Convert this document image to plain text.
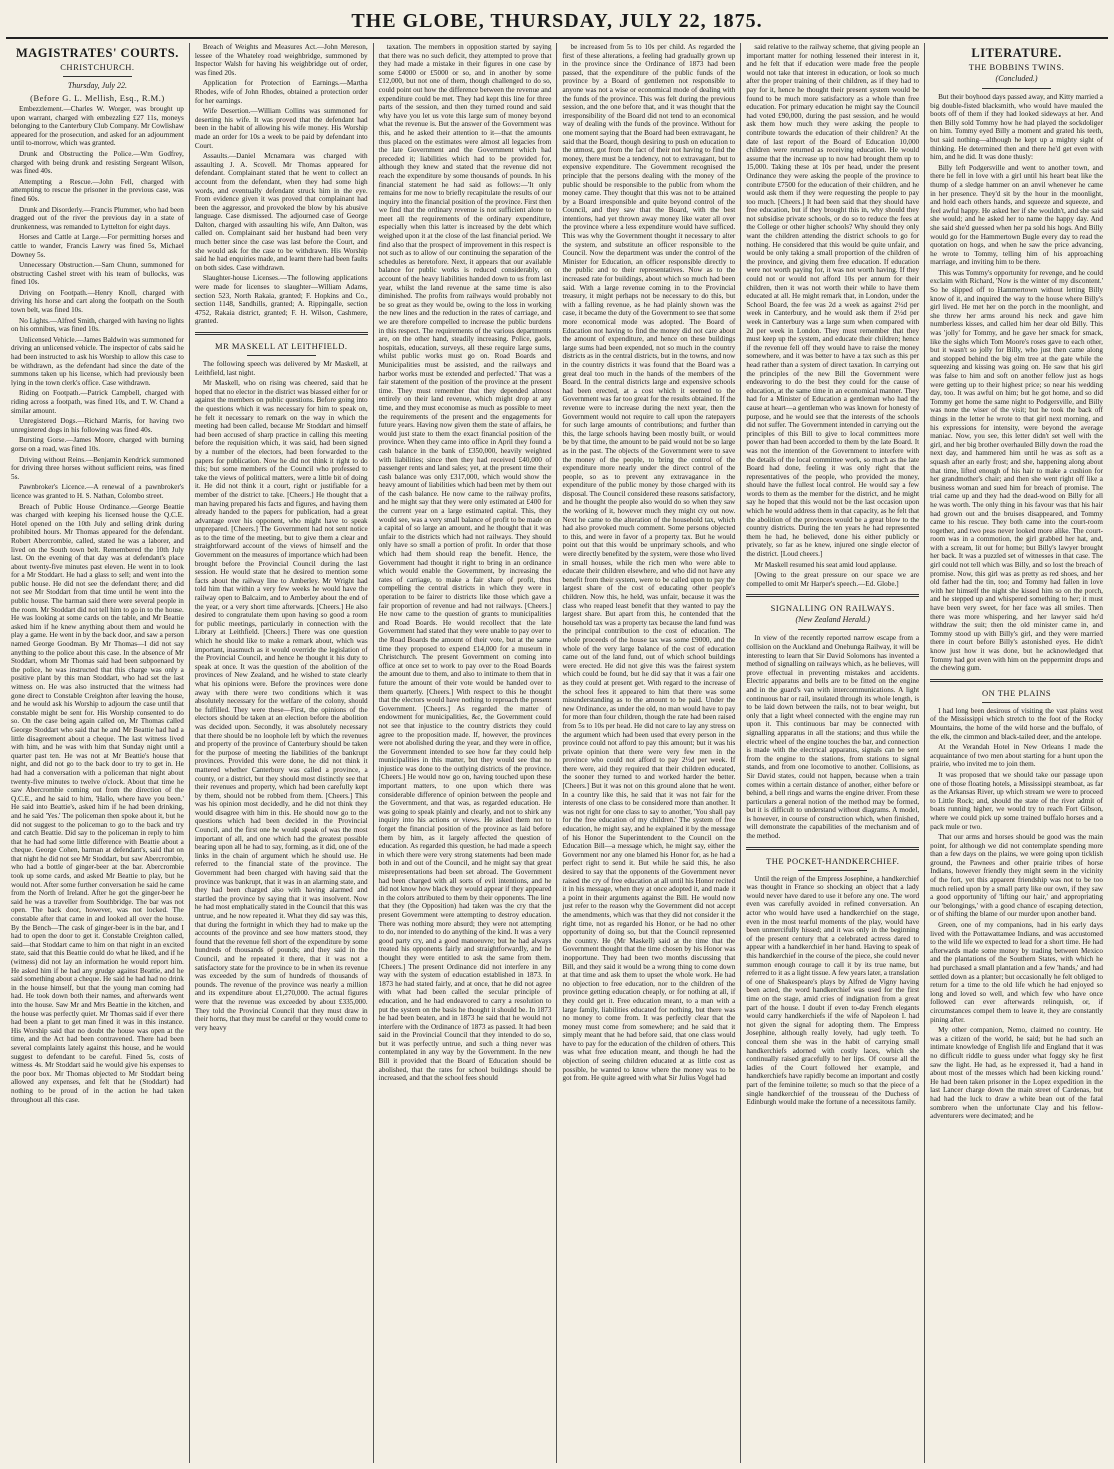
THE GLOBE, THURSDAY, JULY 22, 1875.
MAGISTRATES' COURTS.
CHRISTCHURCH.
Thursday, July 22.
(Before G. L. Mellish, Esq., R.M.)

Embezzlement.—Charles W. Worger, was brought up upon warrant, charged with embezzling £27 11s, moneys belonging to the Canterbury Club Company. Mr Cowlishaw appeared for the prosecution, and asked for an adjournment until to-morrow, which was granted.

Drunk and Obstructing the Police.—Wm Godfrey, charged with being drunk and resisting Sergeant Wilson, was fined 40s.

Attempting a Rescue.—John Fell, charged with attempting to rescue the prisoner in the previous case, was fined 60s.

Drunk and Disorderly.—Francis Plummer, who had been dragged out of the river the previous day in a state of drunkenness, was remanded to Lyttelton for eight days.

Horses and Cattle at Large.—For permitting horses and cattle to wander, Francis Lawry was fined 5s, Michael Downey 5s.

Unnecessary Obstruction.—Sam Chunn, summoned for obstructing Cashel street with his team of bullocks, was fined 10s.

Driving on Footpath.—Henry Knoll, charged with driving his horse and cart along the footpath on the South town belt, was fined 10s.

No Lights.—Alfred Smith, charged with having no lights on his omnibus, was fined 10s.

Unlicensed Vehicle.—James Baldwin was summoned for driving an unlicensed vehicle. The inspector of cabs said he had been instructed to ask his Worship to allow this case to be withdrawn, as the defendant had since the date of the summons taken up his license, which had previously been lying in the town clerk's office. Case withdrawn.

Riding on Footpath.—Patrick Campbell, charged with riding across a footpath, was fined 10s, and T. W. Chand a similar amount.

Unregistered Dogs.—Richard Marris, for having two unregistered dogs in his following was fined 40s.

Bursting Gorse.—James Moore, charged with burning gorse on a road, was fined 10s.

Driving without Reins.—Benjamin Kendrick summoned for driving three horses without sufficient reins, was fined 5s.

Pawnbroker's Licence.—A renewal of a pawnbroker's licence was granted to H. S. Nathan, Colombo street.

Breach of Public House Ordinance.—George Beattie was charged with keeping his licensed house the Q.C.E. Hotel opened on the 10th July and selling drink during prohibited hours. Mr Thomas appeared for the defendant. Robert Abercrombie, called, stated he was a laborer, and lived on the South town belt. Remembered the 10th July last. On the evening of that day was at defendant's place about twenty-five minutes past eleven. He went in to look for a Mr Stoddart. He had a glass to sell; and went into the public house. He did not see the defendant there; and did not see Mr Stoddart from that time until he went into the public house. The barman said there were several people in the room. Mr Stoddart did not tell him to go in to the house. He was looking at some cards on the table, and Mr Beattie asked him if he knew anything about them and would he play a game. He went in by the back door, and saw a person named George Goodman. By Mr Thomas—I did not say anything to the police about this case. In the absence of Mr Stoddart, whom Mr Thomas said had been subpoenaed by the police, he was instructed that this charge was only a positive plant by this man Stoddart, who had set the last witness on. He was also instructed that the witness had gone direct to Constable Creighton after leaving the house, and he would ask his Worship to adjourn the case until that constable might be sent for. His Worship consented to do so. On the case being again called on, Mr Thomas called George Stoddart who said that he and Mr Beattie had had a little disagreement about a cheque. The last witness lived with him, and he was with him that Sunday night until a quarter past ten. He was not at Mr Beattie's house that night, and did not go to the back door to try to get in. He had had a conversation with a policeman that night about twenty-five minutes to twelve o'clock. About that time he saw Abercrombie coming out from the direction of the Q.C.E., and he said to him, 'Hallo, where have you been.' He said into Beattie's, asked him if he had been drinking, and he said 'Yes.' The policeman then spoke about it, but he did not suggest to the policeman to go to the back and try and catch Beattie. Did say to the policeman in reply to him that he had had some little difference with Beattie about a cheque. George Cohen, barman at defendant's, said that on that night he did not see Mr Stoddart, but saw Abercrombie, who had a bottle of ginger-beer at the bar. Abercrombie took up some cards, and asked Mr Beattie to play, but he would not. After some further conversation he said he came from the North of Ireland. After he got the ginger-beer he said he was a traveller from Southbridge. The bar was not open. The back door, however, was not locked. The constable after that came in and looked all over the house. By the Bench—The cask of ginger-beer is in the bar, and I had to open the door to get it. Constable Creighton called, said—that Stoddart came to him on that night in an excited state, said that this Beattie could do what he liked, and if he (witness) did not lay an information he would report him. He asked him if he had any grudge against Beattie, and he said something about a cheque. He said he had had no drink in the house himself, but that the young man coming had had. He took down both their names, and afterwards went into the house. Saw Mr and Mrs Beattie in the kitchen, and the house was perfectly quiet. Mr Thomas said if ever there had been a plant to get man fined it was in this instance. His Worship said that no doubt the house was open at the time, and the Act had been contravened. There had been several complaints lately against this house, and he would suggest to defendant to be careful. Fined 5s, costs of witness 4s. Mr Stoddart said he would give his expenses to the poor box. Mr Thomas objected to Mr Stoddart being allowed any expenses, and felt that he (Stoddart) had nothing to be proud of in the action he had taken throughout all this case.

Breach of Weights and Measures Act.—John Mereson, lessee of the Whateley road weighbridge, summoned by Inspector Walsh for having his weighbridge out of order, was fined 20s.

Application for Protection of Earnings.—Martha Rhodes, wife of John Rhodes, obtained a protection order for her earnings.

Wife Desertion.—William Collins was summoned for deserting his wife. It was proved that the defendant had been in the habit of allowing his wife money. His Worship made an order for 10s a week to be paid by defendant into Court.

Assaults.—Daniel Mcnamara was charged with assaulting J. A. Scovell. Mr Thomas appeared for defendant. Complainant stated that he went to collect an account from the defendant, when they had some high words, and eventually defendant struck him in the eye. From evidence given it was proved that complainant had been the aggressor, and provoked the blow by his abusive language. Case dismissed. The adjourned case of George Dalton, charged with assaulting his wife, Ann Dalton, was called on. Complainant said her husband had been very much better since the case was last before the Court, and she would ask for the case to be withdrawn. His Worship said he had enquiries made, and learnt there had been faults on both sides. Case withdrawn.

Slaughter-house Licenses.—The following applications were made for licenses to slaughter—William Adams, section 523, North Rakaia, granted; F. Hopkins and Co., section 1148, Sandhills, granted; A. Rippingalle, section 4752, Rakaia district, granted; F. H. Wilson, Cashmere, granted.

MR MASKELL AT LEITHFIELD.

The following speech was delivered by Mr Maskell, at Leithfield, last night.

Mr Maskell, who on rising was cheered, said that he hoped that no elector in the district was biassed either for or against the members on public questions. Before going into the questions which it was necessary for him to speak on, he felt it necessary to remark on the way in which the meeting had been called, because Mr Stoddart and himself had been accused of sharp practice in calling this meeting before the requisition which, it was said, had been signed by a number of the electors, had been forwarded to the papers for publication. Now he did not think it right to do this; but some members of the Council who professed to take the views of political matters, were a little bit of doing it. He did not think it a court, right or justifiable for a member of the district to take. [Cheers.] He thought that a man having prepared his facts and figures, and having them already handed to the papers for publication, had a great advantage over his opponent, who might have to speak unprepared. [Cheers.] The Government had not sent notice as to the time of the meeting, but to give them a clear and straightforward account of the views of himself and the Government on the measures of importance which had been brought before the Provincial Council during the last session. He would state that he desired to mention some facts about the railway line to Amberley. Mr Wright had told him that within a very few weeks he would have the railway open to Balcairn, and to Amberley about the end of the year, or a very short time afterwards. [Cheers.] He also desired to congratulate them upon having so good a room for public meetings, particularly in connection with the Library at Leithfield. [Cheers.] There was one question which he should like to make a remark about, which was important, inasmuch as it would override the legislation of the Provincial Council, and hence he thought it his duty to speak at once. It was the question of the abolition of the provinces of New Zealand, and he wished to state clearly what his opinions were. Before the provinces were done away with there were two conditions which it was absolutely necessary for the welfare of the colony, should be fulfilled. They were these—First, the opinions of the electors should be taken at an election before the abolition was decided upon. Secondly, it was absolutely necessary that there should be no loophole left by which the revenues and property of the province of Canterbury should be taken for the purpose of meeting the liabilities of the bankrupt provinces. Provided this were done, he did not think it mattered whether Canterbury was called a province, a county, or a district, but they should most distinctly see that their revenues and property, which had been carefully kept by them, should not be robbed from them. [Cheers.] This was his opinion most decidedly, and he did not think they would disagree with him in this. He should now go to the questions which had been decided in the Provincial Council, and the first one he would speak of was the most important of all, and one which had the greatest possible bearing upon all he had to say, forming, as it did, one of the links in the chain of argument which he should use. He referred to the financial state of the province. The Government had been charged with having said that the province was bankrupt, that it was in an alarming state, and they had been charged also with having alarmed and startled the province by saying that it was insolvent. Now he had most emphatically stated in the Council that this was untrue, and he now repeated it. What they did say was this, that during the fortnight in which they had to make up the accounts of the province and see how matters stood, they found that the revenue fell short of the expenditure by some hundreds of thousands of pounds; and they said in the Council, and he repeated it there, that it was not a satisfactory state for the province to be in when its revenue was exceeded by the sum of hundreds of thousands of pounds. The revenue of the province was nearly a million and its expenditure about £1,270,000. The actual figures were that the revenue was exceeded by about £335,000. They told the Provincial Council that they must draw in their horns, that they must be careful or they would come to very heavy

taxation. The members in opposition started by saying that there was no such deficit, they attempted to prove that they had made a mistake in their figures in one case by some £4000 or £5000 or so, and in another by some £12,000, but not one of them, though challenged to do so, could point out how the difference between the revenue and expenditure could be met. They had kept this line for three parts of the session, and then they turned round and said why have you let us vote this large sum of money beyond what the revenue is. But the answer of the Government was this, and he asked their attention to it—that the amounts thus placed on the estimates were almost all legacies from the late Government and the Government which had preceded it; liabilities which had to be provided for, although they knew and stated that the revenue did not reach the expenditure by some thousands of pounds. In his financial statement he had said as follows:—'It only remains for me now to briefly recapitulate the results of our inquiry into the financial position of the province. First then we find that the ordinary revenue is not sufficient alone to meet all the requirements of the ordinary expenditure, especially when this latter is increased by the debt which weighed upon it at the close of the last financial period. We find also that the prospect of improvement in this respect is not such as to allow of our continuing the separation of the schedules as heretofore. Next, it appears that our available balance for public works is reduced considerably, on account of the heavy liabilities handed down to us from last year, whilst the land revenue at the same time is also diminished. The profits from railways would probably not be so great as they would be, owing to the loss in working the new lines and the reduction in the rates of carriage, and we are therefore compelled to increase the public burdens in this respect. The requirements of the various departments are, on the other hand, steadily increasing. Police, gaols, hospitals, education, surveys, all these require large sums, whilst public works must go on. Road Boards and Municipalities must be assisted, and the railways and harbor works must be extended and perfected.' That was a fair statement of the position of the province at the present time. They must remember that they depended almost entirely on their land revenue, which might drop at any time, and they must economise as much as possible to meet the requirements of the present and the engagements for future years. Having now given them the state of affairs, he would just state to them the exact financial position of the province. When they came into office in April they found a cash balance in the bank of £350,000, heavily weighted with liabilities; since then they had received £40,000 of passenger rents and land sales; yet, at the present time their cash balance was only £317,000, which would show the heavy amount of liabilities which had been met by them out of the cash balance. He now came to the railway profits, and he might say that they were only estimated at £400 for the current year on a large estimated capital. This, they would see, was a very small balance of profit to be made on a capital of so large an amount, and he thought that it was unfair to the districts which had not railways. They should only have so small a portion of profit. In order that those which had them should reap the benefit. Hence, the Government had thought it right to bring in an ordinance which would enable the Government, by increasing the rates of carriage, to make a fair share of profit, thus compelling the central districts in which they were in operation to be fairer to districts like those which gave a fair proportion of revenue and had not railways. [Cheers.] He now came to the question of grants to municipalities and Road Boards. He would recollect that the late Government had stated that they were unable to pay over to the Road Boards the amount of their vote, but at the same time they proposed to expend £14,000 for a museum in Christchurch. The present Government on coming into office at once set to work to pay over to the Road Boards the amount due to them, and also to intimate to them that in future the amount of their vote would be handed over to them quarterly. [Cheers.] With respect to this he thought that the electors would have nothing to reproach the present Government. [Cheers.] As regarded the matter of endowment for municipalities, &c, the Government could not see that injustice to the country districts they could agree to the proposition made. If, however, the provinces were not abolished during the year, and they were in office, the Government intended to see how far they could help municipalities in this matter, but they would see that no injustice was done to the outlying districts of the province. [Cheers.] He would now go on, having touched upon these important matters, to one upon which there was considerable difference of opinion between the people and the Government, and that was, as regarded education. He was going to speak plainly and clearly, and not to shirk any inquiry into his actions or views. He asked them not to forget the financial position of the province as laid before them by him, as it largely affected the question of education. As regarded this question, he had made a speech in which there were very strong statements had been made both in and out of the Council, and he might say that great misrepresentations had been set abroad. The Government had been charged with all sorts of evil intentions, and he did not know how black they would appear if they appeared in the colors attributed to them by their opponents. The line that they (the Opposition) had taken was the cry that the present Government were attempting to destroy education. There was nothing more absurd; they were not attempting to do, nor intended to do anything of the kind. It was a very good party cry, and a good manoeuvre; but he had always treated his opponents fairly and straightforwardly, and he thought they were entitled to ask the same from them. [Cheers.] The present Ordinance did not interfere in any way with the system of education established in 1873. In 1873 he had stated fairly, and at once, that he did not agree with what had been called the secular principle of education, and he had endeavored to carry a resolution to put the system on the basis he thought it should be. In 1873 he had been beaten, and in 1873 he said that he would not interfere with the Ordinance of 1873 as passed. It had been said in the Provincial Council that they intended to do so, but it was perfectly untrue, and such a thing never was contemplated in any way by the Government. In the new Bill it provided that the Board of Education should be abolished, that the rates for school buildings should be increased, and that the school fees should

be increased from 5s to 10s per child. As regarded the first of these alterations, a feeling had gradually grown up in the province since the Ordinance of 1873 had been passed, that the expenditure of the public funds of the province by a Board of gentlemen not responsible to anyone was not a wise or economical mode of dealing with the funds of the province. This was felt during the previous session, and the one before that, and it was thought that the irresponsibility of the Board did not tend to an economical way of dealing with the funds of the province. Without for one moment saying that the Board had been extravagant, he said that the Board, though desiring to push on education to the utmost, got from the fact of their not having to find the money, there must be a tendency, not to extravagant, but to expensive expenditure. The Government recognised the principle that the persons dealing with the money of the public should be responsible to the public from whom the money came. They thought that this was not to be attained by a Board irresponsible and quite beyond control of the Council, and they saw that the Board, with the best intentions, had yet thrown away money like water all over the province where a less expenditure would have sufficed. This was why the Government thought it necessary to alter the system, and substitute an officer responsible to the Council. Now the department was under the control of the Minister for Education, an officer responsible directly to the public and to their representatives. Now as to the increased rate for buildings, about which so much had been said. With a large revenue coming in to the Provincial treasury, it might perhaps not be necessary to do this, but with a falling revenue, as he had plainly shown was the case, it became the duty of the Government to see that some more economical mode was adopted. The Board of Education not having to find the money did not care about the amount of expenditure, and hence on these buildings large sums had been expended, not so much in the country districts as in the central districts, but in the towns, and now in the country districts it was found that the Board was a great deal too much in the hands of the members of the Board. In the central districts large and expensive schools had been erected, at a cost which it seemed to the Government was far too great for the results obtained. If the revenue were to increase during the next year, then the Government would not require to call upon the ratepayers for such large amounts of contributions; and further than this, the large schools having been mostly built, or would be by that time, the amount to be paid would not be so large as in the past. The objects of the Government were to save the money of the people, to bring the control of the expenditure more nearly under the direct control of the people, so as to prevent any extravagance in the expenditure of the public money by those charged with its disposal. The Council considered these reasons satisfactory, and he thought the people also would do so when they saw the working of it, however much they might cry out now. Next he came to the alteration of the household tax, which had also provoked much comment. Some persons objected to this, and were in favor of a property tax. But he would point out that this would be unprimary schools, and who were directly benefited by the system, were those who lived in small houses, while the rich men who were able to educate their children elsewhere, and who did not have any benefit from their system, were to be called upon to pay the largest share of the cost of educating other people's children. Now this, he held, was unfair, because it was the class who reaped least benefit that they wanted to pay the largest share. But apart from this, he contended that the household tax was a property tax because the land fund was the principal contribution to the cost of education. The whole proceeds of the house tax was some £9000, and the whole of the very large balance of the cost of education came out of the land fund, out of which school buildings were erected. He did not give this was the fairest system which could be found, but he did say that it was a fair one as they could at present get. With regard to the increase of the school fees it appeared to him that there was some misunderstanding as to the amount to be paid. Under the new Ordinance, as under the old, no man would have to pay for more than four children, though the rate had been raised from 5s to 10s per head. He did not care to lay any stress on the argument which had been used that every person in the province could not afford to pay this amount; but it was his private opinion that there were very few men in the province who could not afford to pay 2½d per week. If there were, aid they required that their children educated, the sooner they turned to and worked harder the better. [Cheers.] But it was not on this ground alone that he went. In a country like this, he said that it was not fair for the interests of one class to be considered more than another. It was not right for one class to say to another, 'You shall pay for the free education of my children.' The system of free education, he might say, and he explained it by the message of his Honor the Superintendent to the Council on the Education Bill—a message which, he might say, either the Government nor any one blamed his Honor for, as he had a perfect right to send it. But while he said this, he also desired to say that the opponents of the Government never raised the cry of free education at all until his Honor recited it in his message, when they at once adopted it, and made it a point in their arguments against the Bill. He would now just refer to the reason why the Government did not accept the amendments, which was that they did not consider it the right time, not as regarded his Honor, or he had no other opportunity of doing so, but that the Council represented the country. He (Mr Maskell) said at the time that the Government thought that the time chosen by his Honor was inopportune. They had been two months discussing that Bill, and they said it would be a wrong thing to come down at that time and ask them to upset the whole work. He had no objection to free education, nor to the children of the province getting education cheaply, or for nothing at all, if they could get it. Free education meant, to a man with a large family, liabilities educated for nothing, but there was no money to come from. It was perfectly clear that the money must come from somewhere; and he said that it simply meant that he had before said, that one class would have to pay for the education of the children of others. This was what free education meant, and though he had the objection of seeing children educated at as little cost as possible, he wanted to know where the money was to be got from. He quite agreed with what Sir Julius Vogel had

said relative to the railway scheme, that giving people an important matter for nothing lessened their interest in it, and he felt that if education were made free the people would not take that interest in education, or look so much after the proper training of their children, as if they had to pay for it, hence he thought their present system would be found to be much more satisfactory as a whole than free education. For primary education he might say the Council had voted £90,000, during the past session, and he would ask them how much they were asking the people to contribute towards the education of their children? At the date of last report of the Board of Education 10,000 children were returned as receiving education. He would assume that the increase up to now had brought them up to 15,000. Taking these at 10s per head, under the present Ordinance they were asking the people of the province to contribute £7500 for the education of their children, and he would ask them if they were requesting the people to pay too much. [Cheers.] It had been said that they should have free education, but if they brought this in, why should they not subsidise private schools, or do so to reduce the fees at the College or other higher schools? Why should they only want the children attending the district schools to go for nothing. He considered that this would be quite unfair, and would be only taking a small proportion of the children of the province, and giving them free education. If education were not worth paying for, it was not worth having. If they could not or would not afford 10s per annum for their children, then it was not worth their while to have them educated at all. He might remark that, in London, under the School Board, the fee was 2d a week as against 2½d per week in Canterbury, and he would ask them if 2½d per week in Canterbury was a large sum when compared with 2d per week in London. They must remember that they must keep up the system, and educate their children; hence if the revenue fell off they would have to raise the money somewhere, and it was better to have a tax such as this per head rather than a system of direct taxation. In carrying out the principles of the new Bill the Government were endeavoring to do the best they could for the cause of education, at the same time in an economical manner. They had for a Minister of Education a gentleman who had the cause at heart—a gentleman who was known for honesty of purpose, and he would see that the interests of the schools did not suffer. The Government intended in carrying out the principles of this Bill to give to local committees more power than had been accorded to them by the late Board. It was not the intention of the Government to interfere with the details of the local committee work, so much as the late Board had done, feeling it was only right that the representatives of the people, who provided the money, should have the fullest local control. He would say a few words to them as the member for the district, and he might say he hoped that this would not be the last occasion upon which he would address them in that capacity, as he felt that the abolition of the provinces would be a great blow to the country districts. During the ten years he had represented them he had, he believed, done his either publicly or privately, so far as he knew, injured one single elector of the district. [Loud cheers.]

Mr Maskell resumed his seat amid loud applause.

[Owing to the great pressure on our space we are compelled to omit Mr Harper's speech.—Ed. Globe.]

SIGNALLING ON RAILWAYS.
(New Zealand Herald.)

In view of the recently reported narrow escape from a collision on the Auckland and Onehunga Railway, it will be interesting to learn that Sir David Solomons has invented a method of signalling on railways which, as he believes, will prove effectual in preventing mistakes and accidents. Electric apparatus and bells are to be fitted on the engine and in the guard's van with intercommunications. A light continuous bar or rail, insulated through its whole length, is to be laid down between the rails, not to bear weight, but only that a light wheel connected with the engine may run upon it. This continuous bar may be connected with signalling apparatus in all the stations; and thus while the electric wheel of the engine touches the bar, and connection is made with the electrical apparatus, signals can be sent from the engine to the stations, from stations to signal stands, and from one locomotive to another. Collisions, as Sir David states, could not happen, because when a train comes within a certain distance of another, either before or behind, a bell rings and warns the engine driver. From these particulars a general notion of the method may be formed, but it is difficult to understand without diagrams. A model, is however, in course of construction which, when finished, will demonstrate the capabilities of the mechanism and of the method.

THE POCKET-HANDKERCHIEF.

Until the reign of the Empress Josephine, a handkerchief was thought in France so shocking an object that a lady would never have dared to use it before any one. The word even was carefully avoided in refined conversation. An actor who would have used a handkerchief on the stage, even in the most tearful moments of the play, would have been unmercifully hissed; and it was only in the beginning of the present century that a celebrated actress dared to appear with a handkerchief in her hand. Having to speak of this handkerchief in the course of the piece, she could never summon enough courage to call it by its true name, but referred to it as a light tissue. A few years later, a translation of one of Shakespeare's plays by Alfred de Vigny having been acted, the word handkerchief was used for the first time on the stage, amid cries of indignation from a great part of the house. I doubt if even to-day French elegants would carry handkerchiefs if the wife of Napoleon I. had not given the signal for adopting them. The Empress Josephine, although really lovely, had ugly teeth. To conceal them she was in the habit of carrying small handkerchiefs adorned with costly laces, which she continually raised gracefully to her lips. Of course all the ladies of the Court followed her example, and handkerchiefs have rapidly become an important and costly part of the feminine toilette; so much so that the piece of a single handkerchief of the trousseau of the Duchess of Edinburgh would make the fortune of a necessitous family.

LITERATURE.
THE BOBBINS TWINS.
(Concluded.)

But their boyhood days passed away, and Kitty married a big double-fisted blacksmith, who would have mauled the boots off of them if they had looked sideways at her. And then Billy sold Tommy how he had played the sockdoliger on him. Tommy eyed Billy a moment and grated his teeth, but said nothing—although he kept up a mighty sight of thinking. He determined then and there he'd get even with him, and he did. It was done thusly:

Billy left Podgersville and went to another town, and there he fell in love with a girl until his heart beat like the thump of a sledge hammer on an anvil whenever he came in her presence. They'd sit by the hour in the moonlight, and hold each others hands, and squeeze and squeeze, and feel awful happy. He asked her if she wouldn't, and she said she would; and he asked her to name the happy day. And she said she'd guessed when her pa sold his hogs. And Billy would go for the Hammertown Bugle every day to read the quotation on hogs, and when he saw the price advancing, he wrote to Tommy, telling him of his approaching marriage, and inviting him to be there.

This was Tommy's opportunity for revenge, and he could exclaim with Richard, 'Now is the winter of my discontent.' So he slipped off to Hammertown without letting Billy know of it, and inquired the way to the house where Billy's girl lived. He met her on the porch in the moonlight, and she threw her arms around his neck and gave him numberless kisses, and called him her dear old Billy. This was 'jolly' for Tommy, and he gave her smack for smack, like the sighs which Tom Moore's roses gave to each other, but it wasn't so jolly for Billy, who just then came along and stopped behind the big elm tree at the gate while the squeezing and kissing was going on. He saw that his girl was false to him and soft on another fellow just as hogs were getting up to their highest price; so near his wedding day, too. It was awful on him; but he got home, and so did Tommy get home the same night to Podgersville, and Billy was none the wiser of the visit; but he took the back off things in the letter he wrote to that girl next morning, and his expressions for intensity, were beyond the average maniac. Now, you see, this letter didn't set well with the girl, and her big brother overhauled Billy down the road the next day, and hammered him until he was as soft as a squash after an early frost; and she, happening along about that time, lifted enough of his hair to make a cushion for her grandmother's chair; and then she went right off like a business woman and sued him for breach of promise. The trial came up and they had the dead-wood on Billy for all he was worth. The only thing in his favour was that his hair had grown out and the bruises disappeared, and Tommy came to his rescue. They both came into the court-room together, and two peas never looked more alike. The court-room was in a commotion, the girl grabbed her hat, and, with a scream, lit out for home; but Billy's lawyer brought her back. It was a puzzled set of witnesses in that case. The girl could not tell which was Billy, and so lost the breach of promise. Now, this girl was as pretty as red shoes, and her old father had the tin, too; and Tommy had fallen in love with her himself the night she kissed him so on the porch, and he stepped up and whispered something to her; it must have been very sweet, for her face was all smiles. Then there was more whispering, and her lawyer said he'd withdraw the suit; then the old minister came in, and Tommy stood up with Billy's girl, and they were married there in court before Billy's astonished eyes. He didn't know just how it was done, but he acknowledged that Tommy had got even with him on the peppermint drops and the chewing gum.

ON THE PLAINS

I had long been desirous of visiting the vast plains west of the Mississippi which stretch to the foot of the Rocky Mountains, the home of the wild horse and the buffalo, of the elk, the cimmon and black-tailed deer, and the antelope.

At the Verandah Hotel in New Orleans I made the acquaintance of two men about starting for a hunt upon the prairie, who invited me to join them.

It was proposed that we should take our passage upon one of those floating hotels, a Mississippi steamboat, as far as the Arkansas River, up which stream we were to proceed to Little Rock; and, should the state of the river admit of boats running higher, we would try to reach Fort Gibson, where we could pick up some trained buffalo horses and a pack mule or two.

That our arms and horses should be good was the main point, for although we did not contemplate spending more than a few days on the plains, we were going upon ticklish ground, the Pawnees and other prairie tribes of horse Indians, however friendly they might seem in the vicinity of the fort, yet this apparent friendship was not to be too much relied upon by a small party like our own, if they saw a good opportunity of 'lifting our hair,' and appropriating our 'belongings,' with a good chance of escaping detection, or of shifting the blame of our murder upon another band.

Green, one of my companions, had in his early days lived with the Pottawattamee Indians, and was accustomed to the wild life we expected to lead for a short time. He had afterwards made some money by trading between Mexico and the plantations of the Southern States, with which he had purchased a small plantation and a few 'hands,' and had settled down as a planter; but occasionally he felt obliged to return for a time to the old life which he had enjoyed so long and loved so well, and which few who have once followed can ever afterwards relinquish, or, if circumstances compel them to leave it, they are constantly pining after.

My other companion, Nemo, claimed no country. He was a citizen of the world, he said; but he had such an intimate knowledge of English life and England that it was no difficult riddle to guess under what foggy sky he first saw the light. He had, as he expressed it, 'had a hand in about most of the messes which had been kicking round.' He had been taken prisoner in the Lopez expedition in the last Lancer charge down the main street of Cardenas, but had had the luck to draw a white bean out of the fatal sombrero when the unfortunate Clay and his fellow-adventurers were decimated; and he
